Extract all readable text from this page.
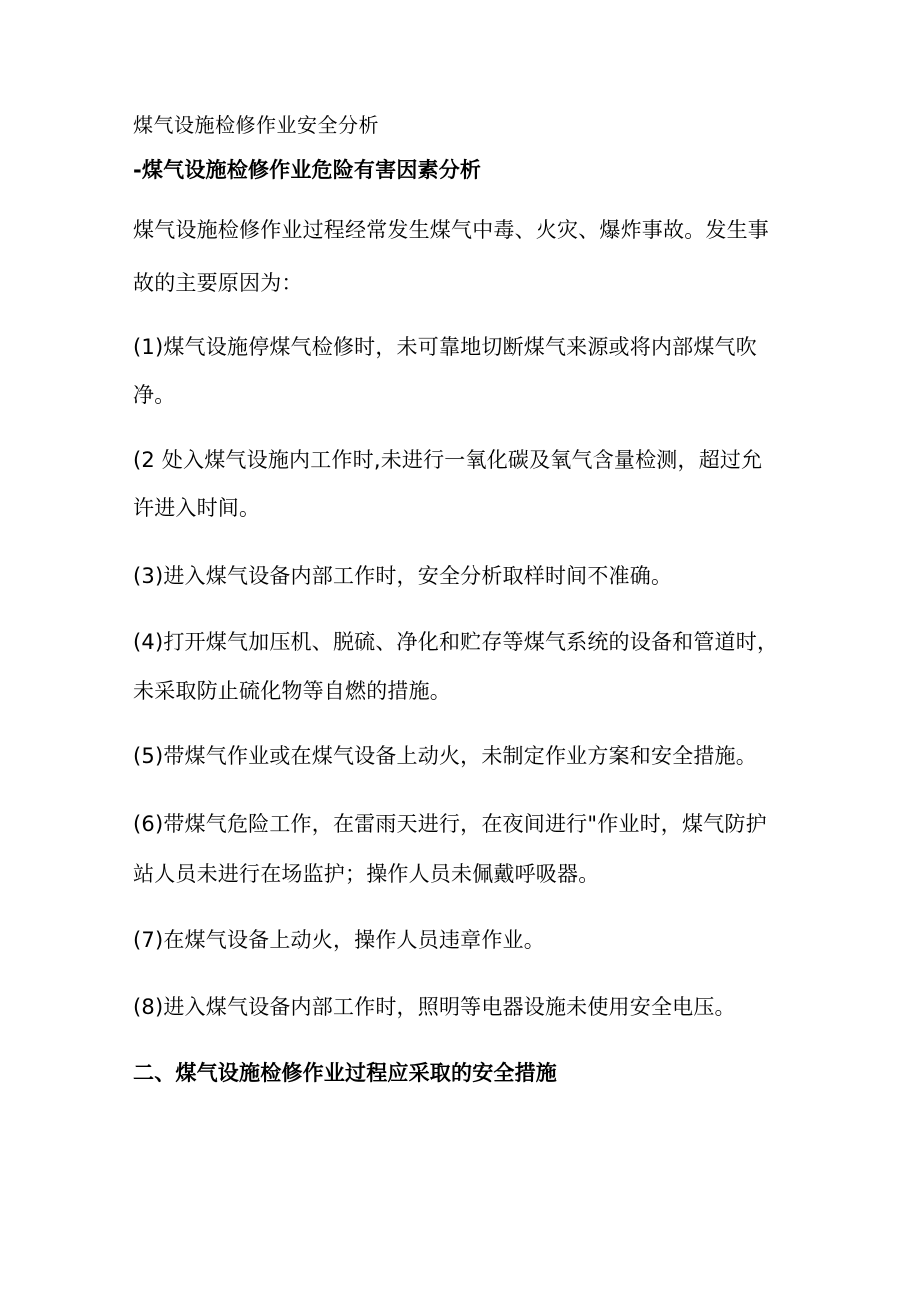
煤气设施检修作业安全分析

-煤气设施检修作业危险有害因素分析

煤气设施检修作业过程经常发生煤气中毒、火灾、爆炸事故。发生事

故的主要原因为：

(1)煤气设施停煤气检修时，未可靠地切断煤气来源或将内部煤气吹

净。

(2 处入煤气设施内工作时,未进行一氧化碳及氧气含量检测，超过允

许进入时间。

(3)进入煤气设备内部工作时，安全分析取样时间不准确。

(4)打开煤气加压机、脱硫、净化和贮存等煤气系统的设备和管道时，

未采取防止硫化物等自燃的措施。

(5)带煤气作业或在煤气设备上动火，未制定作业方案和安全措施。

(6)带煤气危险工作，在雷雨天进行，在夜间进行"作业时，煤气防护

站人员未进行在场监护；操作人员未佩戴呼吸器。

(7)在煤气设备上动火，操作人员违章作业。

(8)进入煤气设备内部工作时，照明等电器设施未使用安全电压。

二、煤气设施检修作业过程应采取的安全措施
